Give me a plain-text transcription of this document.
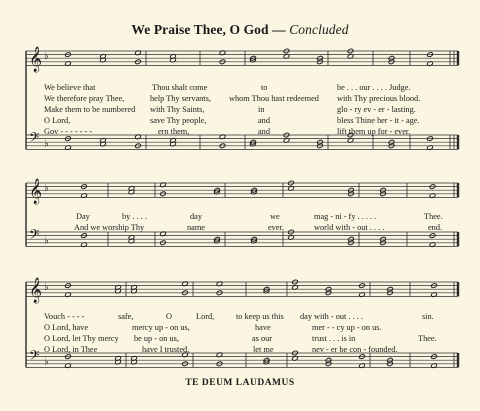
We Praise Thee, O God — Concluded
𝄞 ♭
𝄢 ♭
𝄞 ♭
𝄢 ♭
𝄞 ♭
𝄢 ♭
We believe that	Thou shalt come	to	be . . . our . . . . Judge.
We therefore pray Thee,	help Thy servants, whom Thou hast redeemed with Thy precious blood.
Make them to be numbered with Thy Saints,	in	glo - ry ev - er - lasting.
O Lord,	save Thy people,	and	bless Thine her - it - age.
Gov - - - - - - -	ern them,	and	lift them up for - ever.
Day	by . . . .	day	we	mag - ni - fy . . . . .	Thee.
And we worship Thy	name	ever,	world with - out . . . .	end.
Vouch - - - -	safe,	O	Lord,	to keep us this day with - out . . . .	sin.
O Lord, have	mercy up - on us,	have	mer - - cy up - on us.
O Lord, let Thy mercy be up - on us,	as our	trust . . . is in	Thee.
O Lord, in Thee	have I trusted,	let me	nev - er be con - founded.
TE DEUM LAUDAMUS
